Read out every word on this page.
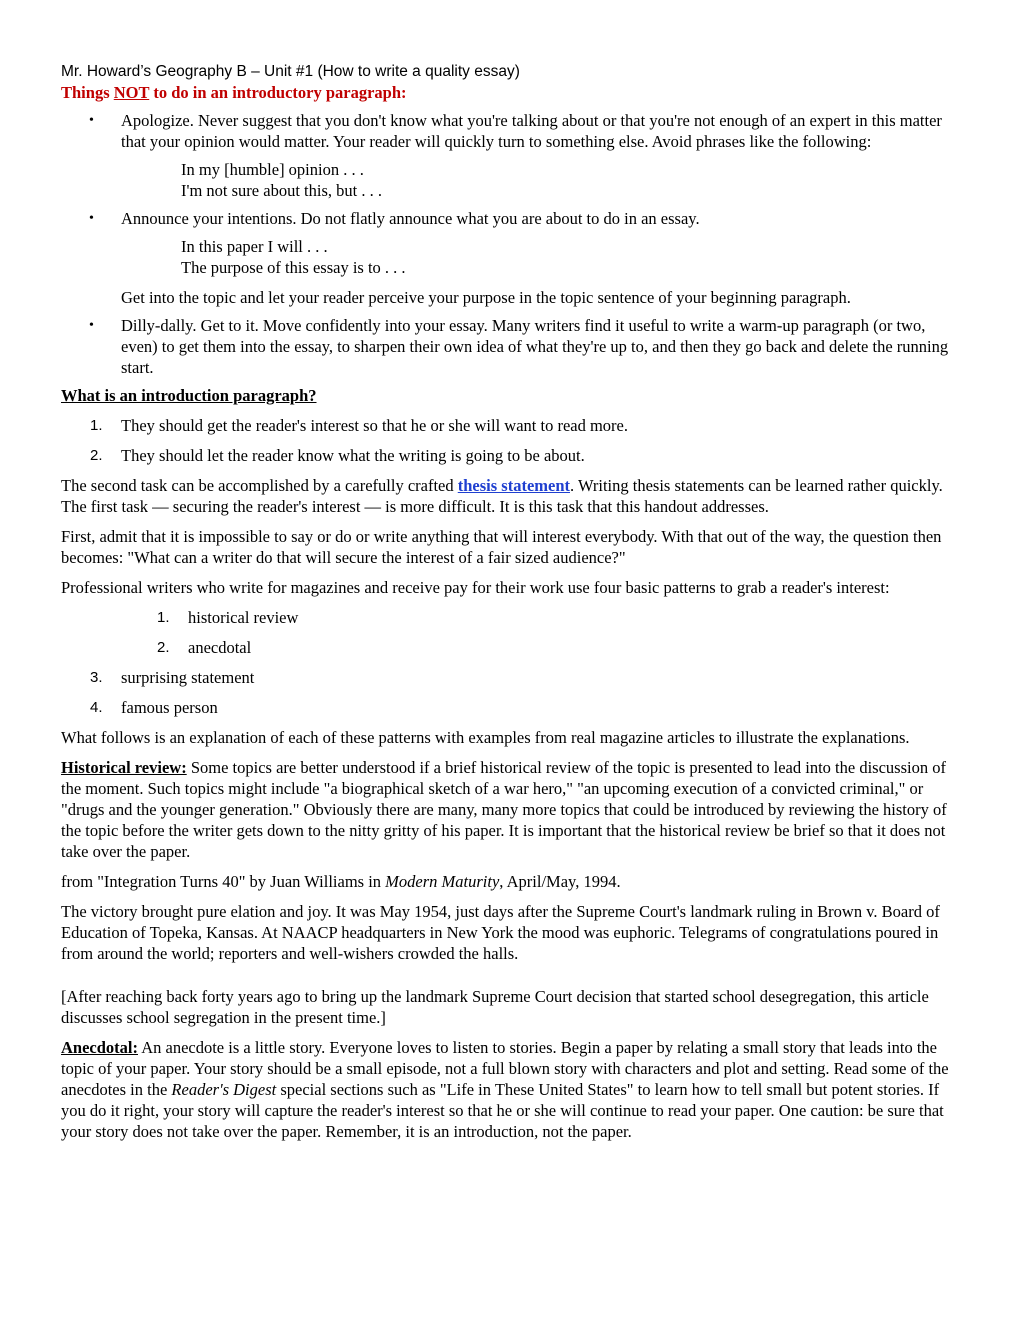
Mr. Howard’s Geography B – Unit #1 (How to write a quality essay)
Things NOT to do in an introductory paragraph:
• Apologize. Never suggest that you don't know what you're talking about or that you're not enough of an expert in this matter that your opinion would matter. Your reader will quickly turn to something else. Avoid phrases like the following:
In my [humble] opinion . . .
I'm not sure about this, but . . .
• Announce your intentions. Do not flatly announce what you are about to do in an essay.
In this paper I will . . .
The purpose of this essay is to . . .
Get into the topic and let your reader perceive your purpose in the topic sentence of your beginning paragraph.
• Dilly-dally. Get to it. Move confidently into your essay. Many writers find it useful to write a warm-up paragraph (or two, even) to get them into the essay, to sharpen their own idea of what they're up to, and then they go back and delete the running start.
What is an introduction paragraph?
1. They should get the reader's interest so that he or she will want to read more.
2. They should let the reader know what the writing is going to be about.
The second task can be accomplished by a carefully crafted thesis statement. Writing thesis statements can be learned rather quickly. The first task — securing the reader's interest — is more difficult. It is this task that this handout addresses.
First, admit that it is impossible to say or do or write anything that will interest everybody. With that out of the way, the question then becomes: "What can a writer do that will secure the interest of a fair sized audience?"
Professional writers who write for magazines and receive pay for their work use four basic patterns to grab a reader's interest:
1. historical review
2. anecdotal
3. surprising statement
4. famous person
What follows is an explanation of each of these patterns with examples from real magazine articles to illustrate the explanations.
Historical review: Some topics are better understood if a brief historical review of the topic is presented to lead into the discussion of the moment. Such topics might include "a biographical sketch of a war hero," "an upcoming execution of a convicted criminal," or "drugs and the younger generation." Obviously there are many, many more topics that could be introduced by reviewing the history of the topic before the writer gets down to the nitty gritty of his paper. It is important that the historical review be brief so that it does not take over the paper.
from "Integration Turns 40" by Juan Williams in Modern Maturity, April/May, 1994.
The victory brought pure elation and joy. It was May 1954, just days after the Supreme Court's landmark ruling in Brown v. Board of Education of Topeka, Kansas. At NAACP headquarters in New York the mood was euphoric. Telegrams of congratulations poured in from around the world; reporters and well-wishers crowded the halls.
[After reaching back forty years ago to bring up the landmark Supreme Court decision that started school desegregation, this article discusses school segregation in the present time.]
Anecdotal: An anecdote is a little story. Everyone loves to listen to stories. Begin a paper by relating a small story that leads into the topic of your paper. Your story should be a small episode, not a full blown story with characters and plot and setting. Read some of the anecdotes in the Reader's Digest special sections such as "Life in These United States" to learn how to tell small but potent stories. If you do it right, your story will capture the reader's interest so that he or she will continue to read your paper. One caution: be sure that your story does not take over the paper. Remember, it is an introduction, not the paper.
